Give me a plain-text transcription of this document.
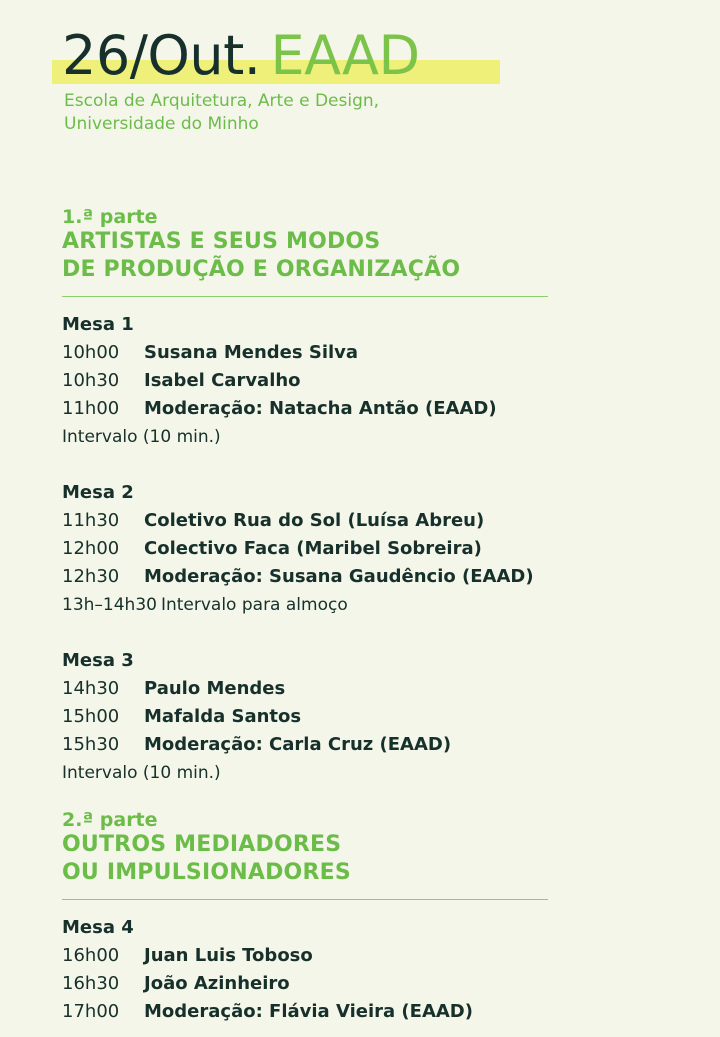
26/Out. EAAD
Escola de Arquitetura, Arte e Design,
Universidade do Minho
1.ª parte
ARTISTAS E SEUS MODOS
DE PRODUÇÃO E ORGANIZAÇÃO
Mesa 1
10h00	Susana Mendes Silva
10h30	Isabel Carvalho
11h00	Moderação: Natacha Antão (EAAD)
Intervalo (10 min.)
Mesa 2
11h30	Coletivo Rua do Sol (Luísa Abreu)
12h00	Colectivo Faca (Maribel Sobreira)
12h30	Moderação: Susana Gaudêncio (EAAD)
13h–14h30 Intervalo para almoço
Mesa 3
14h30	Paulo Mendes
15h00	Mafalda Santos
15h30	Moderação: Carla Cruz (EAAD)
Intervalo (10 min.)
2.ª parte
OUTROS MEDIADORES
OU IMPULSIONADORES
Mesa 4
16h00	Juan Luis Toboso
16h30	João Azinheiro
17h00	Moderação: Flávia Vieira (EAAD)
